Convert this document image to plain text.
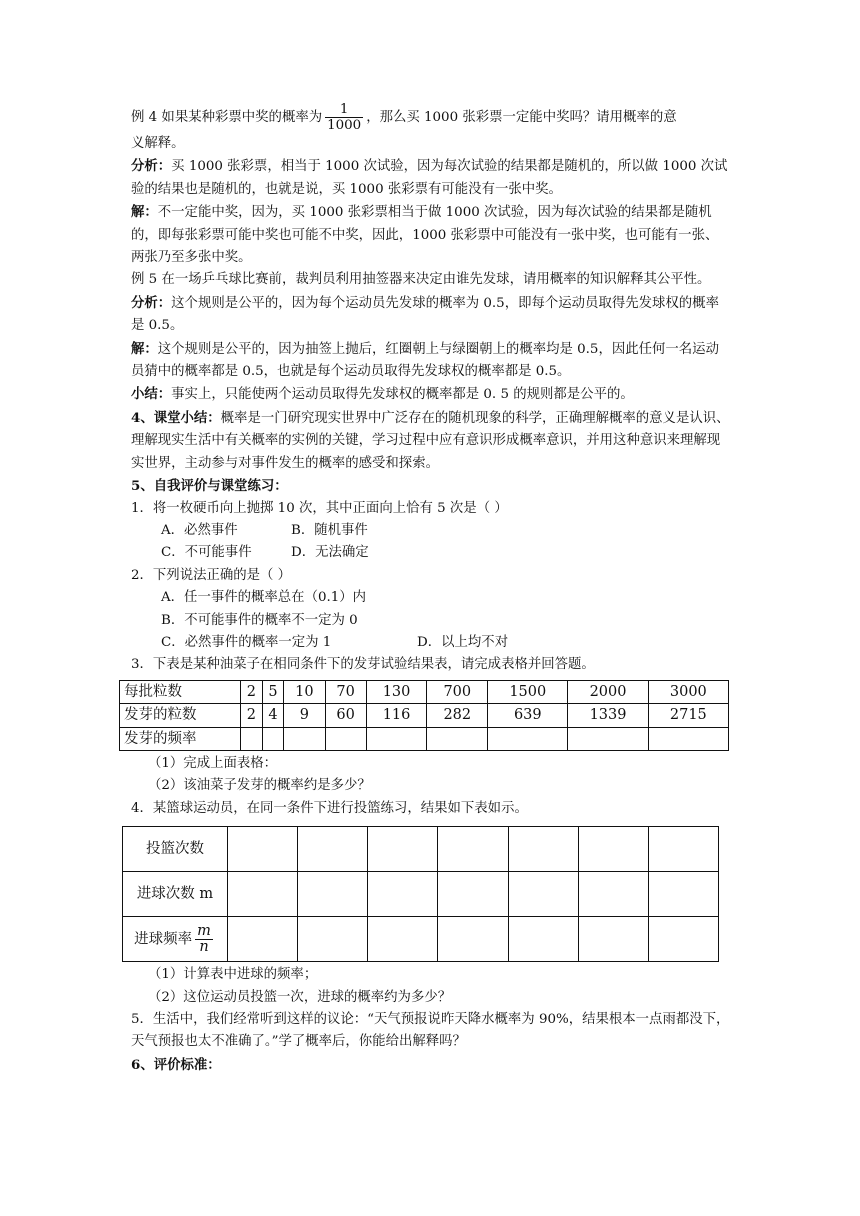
例 4 如果某种彩票中奖的概率为 $\frac{1}{1000}$ ，那么买 1000 张彩票一定能中奖吗？请用概率的意
义解释。

分析：买 1000 张彩票，相当于 1000 次试验，因为每次试验的结果都是随机的，所以做 1000 次试验的结果也是随机的，也就是说，买 1000 张彩票有可能没有一张中奖。

解：不一定能中奖，因为，买 1000 张彩票相当于做 1000 次试验，因为每次试验的结果都是随机的，即每张彩票可能中奖也可能不中奖，因此，1000 张彩票中可能没有一张中奖，也可能有一张、两张乃至多张中奖。

例 5 在一场乒乓球比赛前，裁判员利用抽签器来决定由谁先发球，请用概率的知识解释其公平性。

分析：这个规则是公平的，因为每个运动员先发球的概率为 0.5，即每个运动员取得先发球权的概率是 0.5。

解：这个规则是公平的，因为抽签上抛后，红圈朝上与绿圈朝上的概率均是 0.5，因此任何一名运动员猜中的概率都是 0.5，也就是每个运动员取得先发球权的概率都是 0.5。

小结：事实上，只能使两个运动员取得先发球权的概率都是 0. 5 的规则都是公平的。

4、课堂小结：概率是一门研究现实世界中广泛存在的随机现象的科学，正确理解概率的意义是认识、理解现实生活中有关概率的实例的关键，学习过程中应有意识形成概率意识，并用这种意识来理解现实世界，主动参与对事件发生的概率的感受和探索。

5、自我评价与课堂练习：

1．将一枚硬币向上抛掷 10 次，其中正面向上恰有 5 次是（ ）

A．必然事件	B．随机事件

C．不可能事件	D．无法确定

2．下列说法正确的是（ ）

A．任一事件的概率总在（0.1）内

B．不可能事件的概率不一定为 0

C．必然事件的概率一定为 1	D．以上均不对

3．下表是某种油菜子在相同条件下的发芽试验结果表，请完成表格并回答题。

每批粒数	2	5	10	70	130	700	1500	2000	3000
发芽的粒数	2	4	9	60	116	282	639	1339	2715
发芽的频率									

（1）完成上面表格：

（2）该油菜子发芽的概率约是多少？

4．某篮球运动员，在同一条件下进行投篮练习，结果如下表如示。

投篮次数							
进球次数 m							
进球频率 $\frac{m}{n}$

（1）计算表中进球的频率；

（2）这位运动员投篮一次，进球的概率约为多少？

5．生活中，我们经常听到这样的议论：“天气预报说昨天降水概率为 90%，结果根本一点雨都没下，天气预报也太不准确了。”学了概率后，你能给出解释吗？

6、评价标准：
